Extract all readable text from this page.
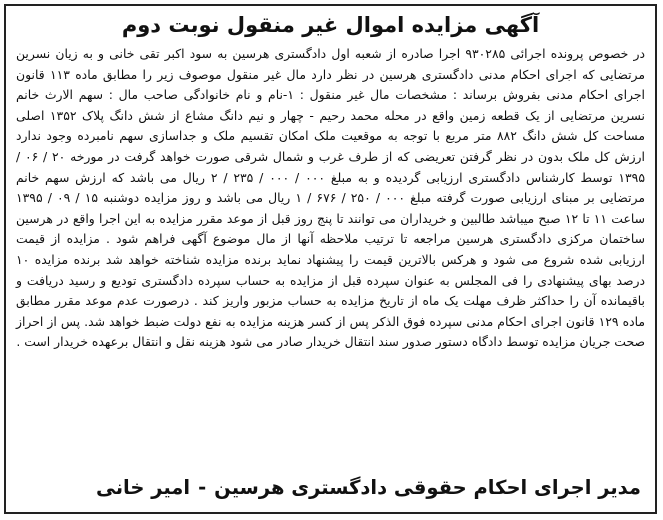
آگهی مزایده اموال غیر منقول نوبت دوم

در خصوص پرونده اجرائی ۹۳۰۲۸۵ اجرا صادره از شعبه اول دادگستری هرسین به سود اکبر تقی خانی و به زیان نسرین مرتضایی که اجرای احکام مدنی دادگستری هرسین در نظر دارد مال غیر منقول موصوف زیر را مطابق ماده ۱۱۳ قانون اجرای احکام مدنی بفروش برساند : مشخصات مال غیر منقول : ۱-نام و نام خانوادگی صاحب مال : سهم الارث خانم نسرین مرتضایی از یک قطعه زمین واقع در محله محمد رحیم - چهار و نیم دانگ مشاع از شش دانگ پلاک ۱۳۵۲ اصلی مساحت کل شش دانگ ۸۸۲ متر مربع با توجه به موقعیت ملک امکان تقسیم ملک و جداسازی سهم نامبرده وجود ندارد ارزش کل ملک بدون در نظر گرفتن تعریضی که از طرف غرب و شمال شرقی صورت خواهد گرفت در مورخه ۲۰ / ۰۶ / ۱۳۹۵ توسط کارشناس دادگستری ارزیابی گردیده و به مبلغ ۰۰۰ / ۰۰۰ / ۲۳۵ / ۲ ریال می باشد که ارزش سهم خانم مرتضایی بر مبنای ارزیابی صورت گرفته مبلغ ۰۰۰ / ۲۵۰ / ۶۷۶ / ۱ ریال می باشد و روز مزایده دوشنبه ۱۵ / ۰۹ / ۱۳۹۵ ساعت ۱۱ تا ۱۲ صبح میباشد طالبین و خریداران می توانند تا پنج روز قبل از موعد مقرر مزایده به این اجرا واقع در هرسین ساختمان مرکزی دادگستری هرسین مراجعه تا ترتیب ملاحظه آنها از مال موضوع آگهی فراهم شود . مزایده از قیمت ارزیابی شده شروع می شود و هرکس بالاترین قیمت را پیشنهاد نماید برنده مزایده شناخته خواهد شد برنده مزایده ۱۰ درصد بهای پیشنهادی را فی المجلس به عنوان سپرده قبل از مزایده به حساب سپرده دادگستری تودیع و رسید دریافت و باقیمانده آن را حداکثر ظرف مهلت یک ماه از تاریخ مزایده به حساب مزبور واریز کند . درصورت عدم موعد مقرر مطابق ماده ۱۲۹ قانون اجرای احکام مدنی سپرده فوق الذکر پس از کسر هزینه مزایده به نفع دولت ضبط خواهد شد. پس از احراز صحت جریان مزایده توسط دادگاه دستور صدور سند انتقال خریدار صادر می شود هزینه نقل و انتقال برعهده خریدار است .

مدیر اجرای احکام حقوقی دادگستری هرسین-امیر خانی
